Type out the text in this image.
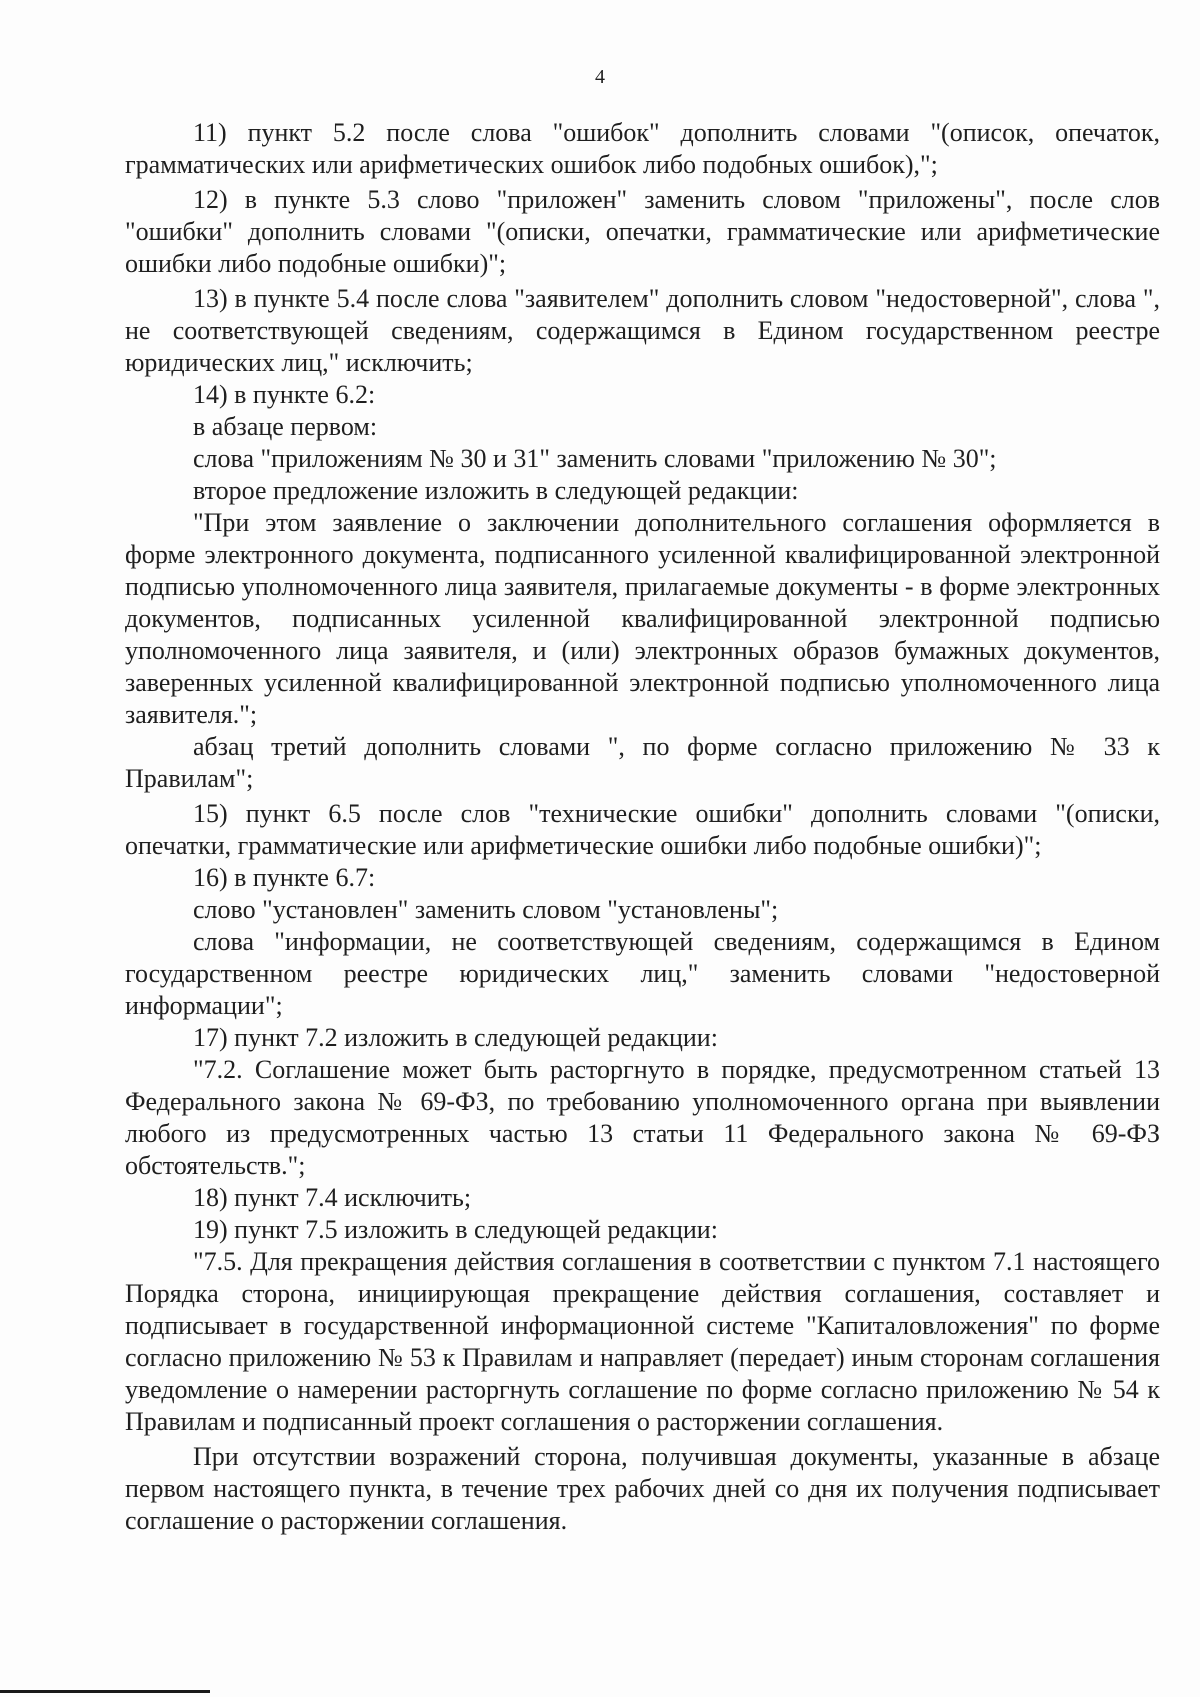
4

11) пункт 5.2 после слова "ошибок" дополнить словами "(описок, опечаток, грамматических или арифметических ошибок либо подобных ошибок),";

12) в пункте 5.3 слово "приложен" заменить словом "приложены", после слов "ошибки" дополнить словами "(описки, опечатки, грамматические или арифметические ошибки либо подобные ошибки)";

13) в пункте 5.4 после слова "заявителем" дополнить словом "недостоверной", слова ", не соответствующей сведениям, содержащимся в Едином государственном реестре юридических лиц," исключить;

14) в пункте 6.2:

в абзаце первом:

слова "приложениям № 30 и 31" заменить словами "приложению № 30";

второе предложение изложить в следующей редакции:

"При этом заявление о заключении дополнительного соглашения оформляется в форме электронного документа, подписанного усиленной квалифицированной электронной подписью уполномоченного лица заявителя, прилагаемые документы - в форме электронных документов, подписанных усиленной квалифицированной электронной подписью уполномоченного лица заявителя, и (или) электронных образов бумажных документов, заверенных усиленной квалифицированной электронной подписью уполномоченного лица заявителя.";

абзац третий дополнить словами ", по форме согласно приложению № 33 к Правилам";

15) пункт 6.5 после слов "технические ошибки" дополнить словами "(описки, опечатки, грамматические или арифметические ошибки либо подобные ошибки)";

16) в пункте 6.7:

слово "установлен" заменить словом "установлены";

слова "информации, не соответствующей сведениям, содержащимся в Едином государственном реестре юридических лиц," заменить словами "недостоверной информации";

17) пункт 7.2 изложить в следующей редакции:

"7.2. Соглашение может быть расторгнуто в порядке, предусмотренном статьей 13 Федерального закона № 69-ФЗ, по требованию уполномоченного органа при выявлении любого из предусмотренных частью 13 статьи 11 Федерального закона № 69-ФЗ обстоятельств.";

18) пункт 7.4 исключить;

19) пункт 7.5 изложить в следующей редакции:

"7.5. Для прекращения действия соглашения в соответствии с пунктом 7.1 настоящего Порядка сторона, инициирующая прекращение действия соглашения, составляет и подписывает в государственной информационной системе "Капиталовложения" по форме согласно приложению № 53 к Правилам и направляет (передает) иным сторонам соглашения уведомление о намерении расторгнуть соглашение по форме согласно приложению № 54 к Правилам и подписанный проект соглашения о расторжении соглашения.

При отсутствии возражений сторона, получившая документы, указанные в абзаце первом настоящего пункта, в течение трех рабочих дней со дня их получения подписывает соглашение о расторжении соглашения.
